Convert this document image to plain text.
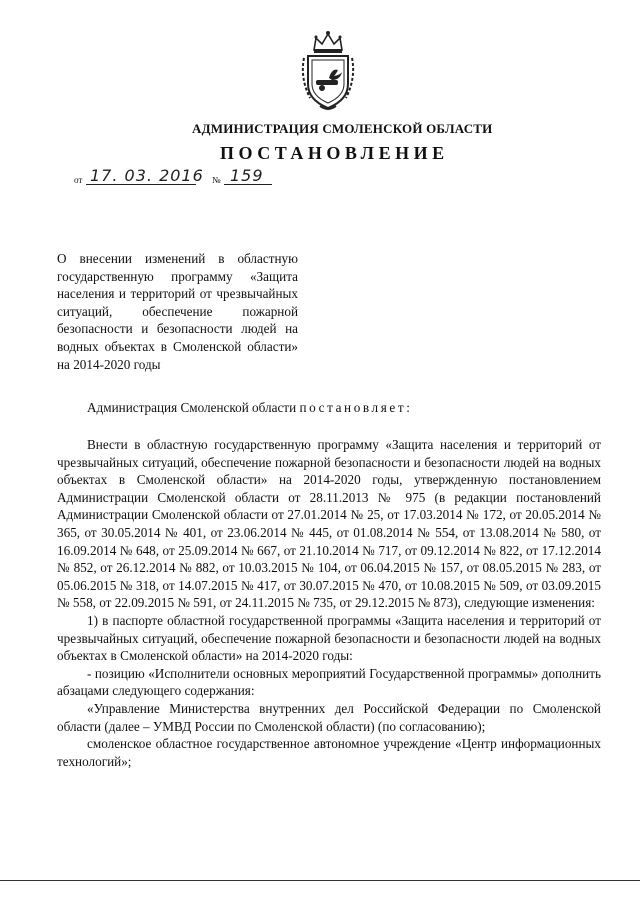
АДМИНИСТРАЦИЯ СМОЛЕНСКОЙ ОБЛАСТИ
ПОСТАНОВЛЕНИЕ
от 17. 03. 2016 № 159
О внесении изменений в областную государственную программу «Защита населения и территорий от чрезвычайных ситуаций, обеспечение пожарной безопасности и безопасности людей на водных объектах в Смоленской области» на 2014-2020 годы
Администрация Смоленской области постановляет:

Внести в областную государственную программу «Защита населения и территорий от чрезвычайных ситуаций, обеспечение пожарной безопасности и безопасности людей на водных объектах в Смоленской области» на 2014-2020 годы, утвержденную постановлением Администрации Смоленской области от 28.11.2013 № 975 (в редакции постановлений Администрации Смоленской области от 27.01.2014 № 25, от 17.03.2014 № 172, от 20.05.2014 № 365, от 30.05.2014 № 401, от 23.06.2014 № 445, от 01.08.2014 № 554, от 13.08.2014 № 580, от 16.09.2014 № 648, от 25.09.2014 № 667, от 21.10.2014 № 717, от 09.12.2014 № 822, от 17.12.2014 № 852, от 26.12.2014 № 882, от 10.03.2015 № 104, от 06.04.2015 № 157, от 08.05.2015 № 283, от 05.06.2015 № 318, от 14.07.2015 № 417, от 30.07.2015 № 470, от 10.08.2015 № 509, от 03.09.2015 № 558, от 22.09.2015 № 591, от 24.11.2015 № 735, от 29.12.2015 № 873), следующие изменения:

1) в паспорте областной государственной программы «Защита населения и территорий от чрезвычайных ситуаций, обеспечение пожарной безопасности и безопасности людей на водных объектах в Смоленской области» на 2014-2020 годы:

- позицию «Исполнители основных мероприятий Государственной программы» дополнить абзацами следующего содержания:

«Управление Министерства внутренних дел Российской Федерации по Смоленской области (далее – УМВД России по Смоленской области) (по согласованию);

смоленское областное государственное автономное учреждение «Центр информационных технологий»;
